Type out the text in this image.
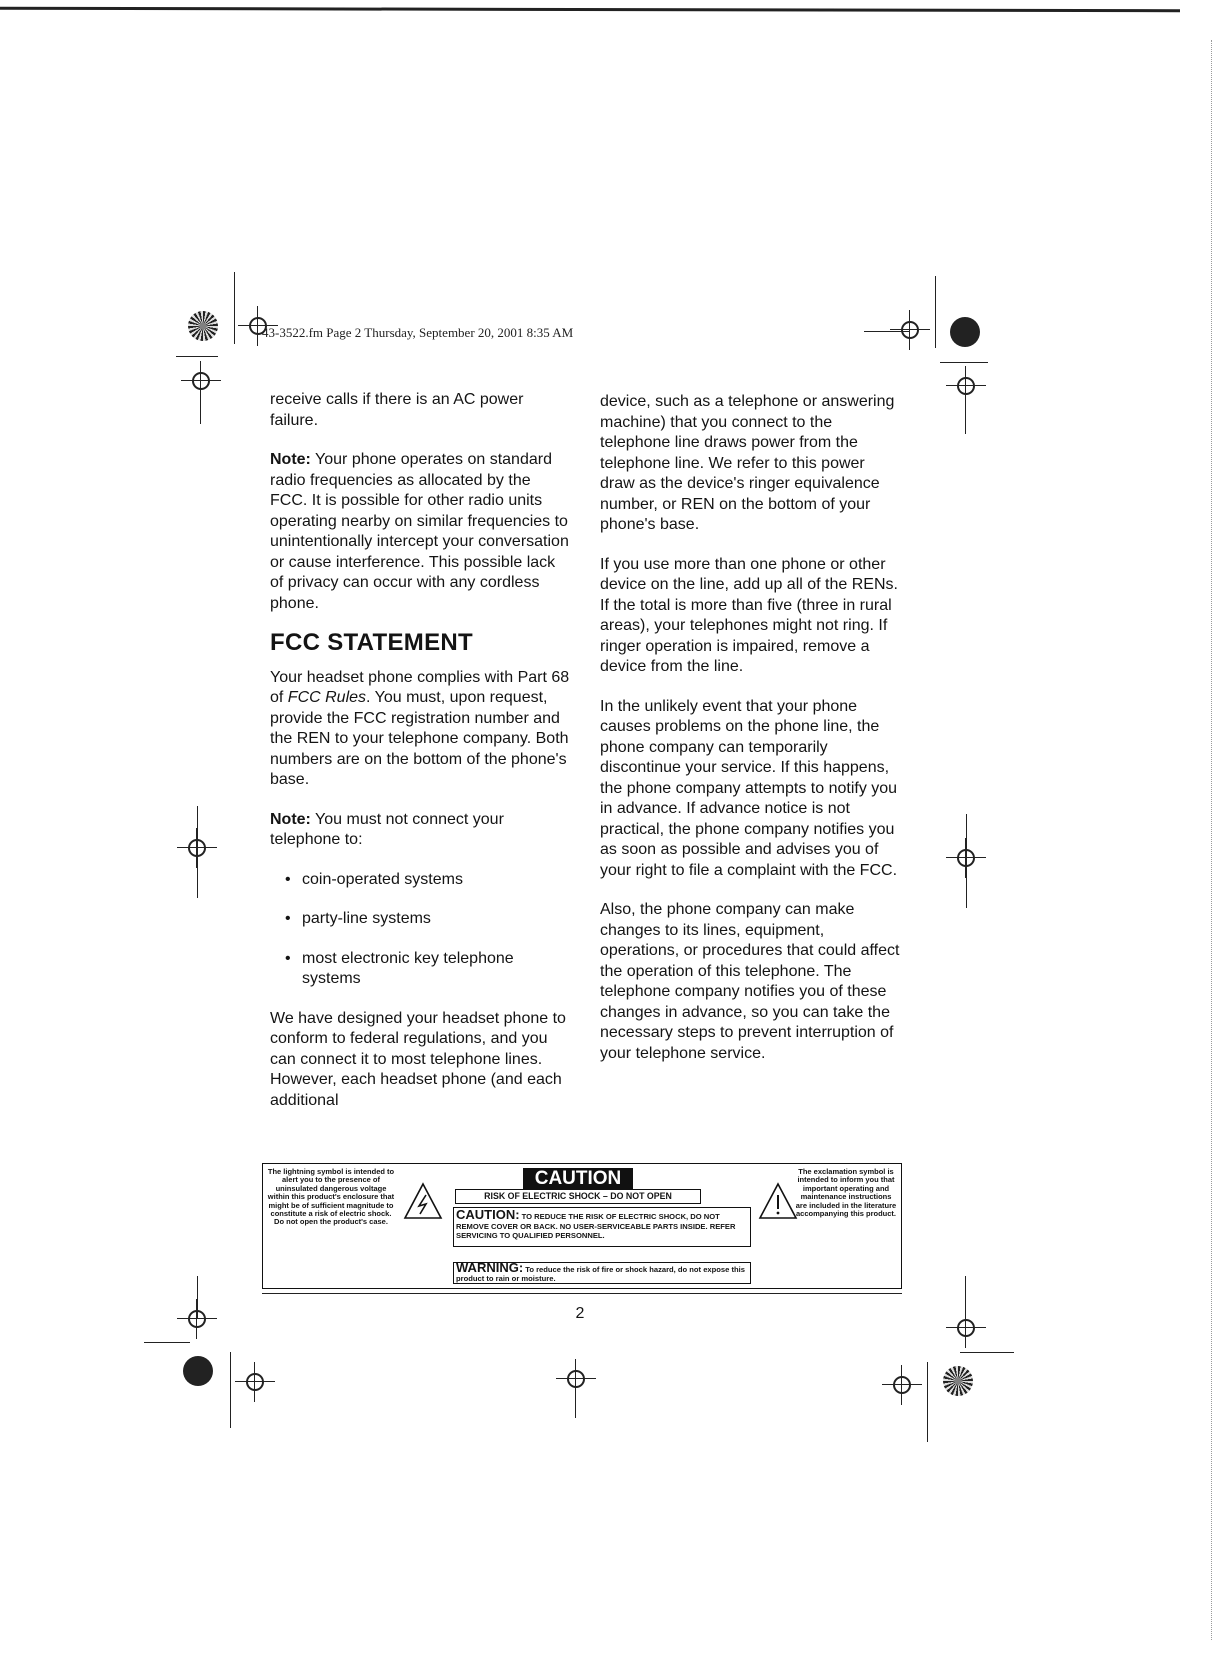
43-3522.fm Page 2 Thursday, September 20, 2001 8:35 AM

receive calls if there is an AC power failure.

Note: Your phone operates on standard radio frequencies as allocated by the FCC. It is possible for other radio units operating nearby on similar frequencies to unintentionally intercept your conversation or cause interference. This possible lack of privacy can occur with any cordless phone.

FCC STATEMENT

Your headset phone complies with Part 68 of FCC Rules. You must, upon request, provide the FCC registration number and the REN to your telephone company. Both numbers are on the bottom of the phone's base.

Note: You must not connect your telephone to:

• coin-operated systems
• party-line systems
• most electronic key telephone systems

We have designed your headset phone to conform to federal regulations, and you can connect it to most telephone lines. However, each headset phone (and each additional

device, such as a telephone or answering machine) that you connect to the telephone line draws power from the telephone line. We refer to this power draw as the device's ringer equivalence number, or REN on the bottom of your phone's base.

If you use more than one phone or other device on the line, add up all of the RENs. If the total is more than five (three in rural areas), your telephones might not ring. If ringer operation is impaired, remove a device from the line.

In the unlikely event that your phone causes problems on the phone line, the phone company can temporarily discontinue your service. If this happens, the phone company attempts to notify you in advance. If advance notice is not practical, the phone company notifies you as soon as possible and advises you of your right to file a complaint with the FCC.

Also, the phone company can make changes to its lines, equipment, operations, or procedures that could affect the operation of this telephone. The telephone company notifies you of these changes in advance, so you can take the necessary steps to prevent interruption of your telephone service.

The lightning symbol is intended to alert you to the presence of uninsulated dangerous voltage within this product's enclosure that might be of sufficient magnitude to constitute a risk of electric shock. Do not open the product's case.
CAUTION
RISK OF ELECTRIC SHOCK – DO NOT OPEN
CAUTION: TO REDUCE THE RISK OF ELECTRIC SHOCK, DO NOT REMOVE COVER OR BACK. NO USER-SERVICEABLE PARTS INSIDE. REFER SERVICING TO QUALIFIED PERSONNEL.
WARNING: To reduce the risk of fire or shock hazard, do not expose this product to rain or moisture.
The exclamation symbol is intended to inform you that important operating and maintenance instructions are included in the literature accompanying this product.
2
